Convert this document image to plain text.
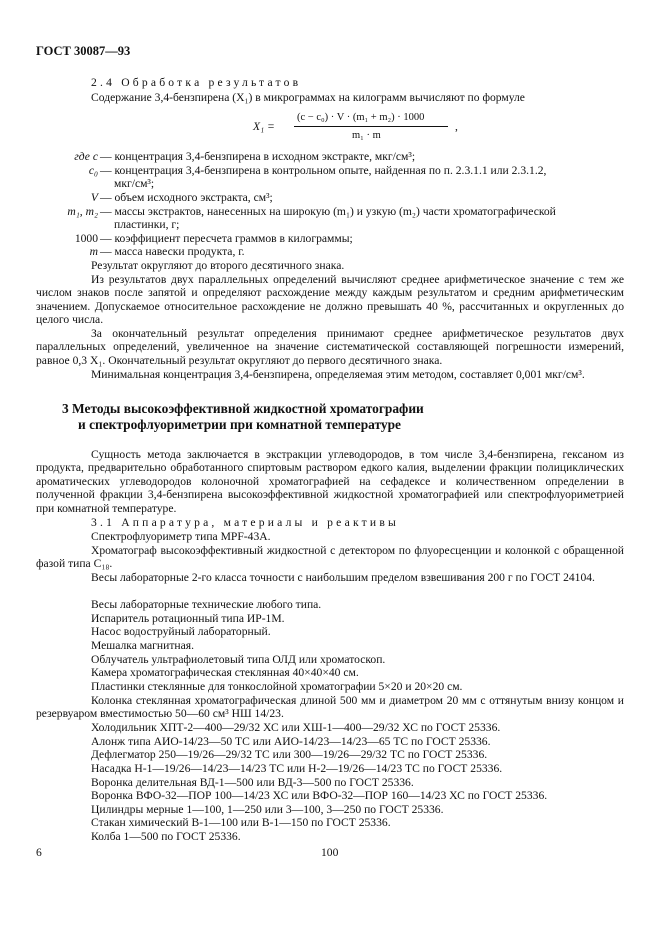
ГОСТ 30087—93
2.4 Обработка результатов
Содержание 3,4-бензпирена (X₁) в микрограммах на килограмм вычисляют по формуле
X₁ =
(c − c₀) · V · (m₁ + m₂) · 1000
m₁ · m
,
где c — концентрация 3,4-бензпирена в исходном экстракте, мкг/см³;
c₀ — концентрация 3,4-бензпирена в контрольном опыте, найденная по п. 2.3.1.1 или 2.3.1.2,
мкг/см³;
V — объем исходного экстракта, см³;
m₁, m₂ — массы экстрактов, нанесенных на широкую (m₁) и узкую (m₂) части хроматографической
пластинки, г;
1000 — коэффициент пересчета граммов в килограммы;
m — масса навески продукта, г.
Результат округляют до второго десятичного знака.
Из результатов двух параллельных определений вычисляют среднее арифметическое значение с тем же числом знаков после запятой и определяют расхождение между каждым результатом и средним арифметическим значением. Допускаемое относительное расхождение не должно превышать 40 %, рассчитанных и округленных до целого числа.
За окончательный результат определения принимают среднее арифметическое результатов двух параллельных определений, увеличенное на значение систематической составляющей погрешности измерений, равное 0,3 X₁. Окончательный результат округляют до первого десятичного знака.
Минимальная концентрация 3,4-бензпирена, определяемая этим методом, составляет 0,001 мкг/см³.
3 Методы высокоэффективной жидкостной хроматографии
и спектрофлуориметрии при комнатной температуре
Сущность метода заключается в экстракции углеводородов, в том числе 3,4-бензпирена, гексаном из продукта, предварительно обработанного спиртовым раствором едкого калия, выделении фракции полициклических ароматических углеводородов колоночной хроматографией на сефадексе и количественном определении в полученной фракции 3,4-бензпирена высокоэффективной жидкостной хроматографией или спектрофлуориметрией при комнатной температуре.
3.1 Аппаратура, материалы и реактивы
Спектрофлуориметр типа МРF-43А.
Хроматограф высокоэффективный жидкостной с детектором по флуоресценции и колонкой с обращенной фазой типа C₁₈.
Весы лабораторные 2-го класса точности с наибольшим пределом взвешивания 200 г по ГОСТ 24104.
Весы лабораторные технические любого типа.
Испаритель ротационный типа ИР-1М.
Насос водоструйный лабораторный.
Мешалка магнитная.
Облучатель ультрафиолетовый типа ОЛД или хроматоскоп.
Камера хроматографическая стеклянная 40×40×40 см.
Пластинки стеклянные для тонкослойной хроматографии 5×20 и 20×20 см.
Колонка стеклянная хроматографическая длиной 500 мм и диаметром 20 мм с оттянутым внизу концом и резервуаром вместимостью 50—60 см³ НШ 14/23.
Холодильник ХПТ-2—400—29/32 ХС или ХШ-1—400—29/32 ХС по ГОСТ 25336.
Алонж типа АИО-14/23—50 ТС или АИО-14/23—14/23—65 ТС по ГОСТ 25336.
Дефлегматор 250—19/26—29/32 ТС или 300—19/26—29/32 ТС по ГОСТ 25336.
Насадка Н-1—19/26—14/23—14/23 ТС или Н-2—19/26—14/23 ТС по ГОСТ 25336.
Воронка делительная ВД-1—500 или ВД-3—500 по ГОСТ 25336.
Воронка ВФО-32—ПОР 100—14/23 ХС или ВФО-32—ПОР 160—14/23 ХС по ГОСТ 25336.
Цилиндры мерные 1—100, 1—250 или 3—100, 3—250 по ГОСТ 25336.
Стакан химический В-1—100 или В-1—150 по ГОСТ 25336.
Колба 1—500 по ГОСТ 25336.
6	100
